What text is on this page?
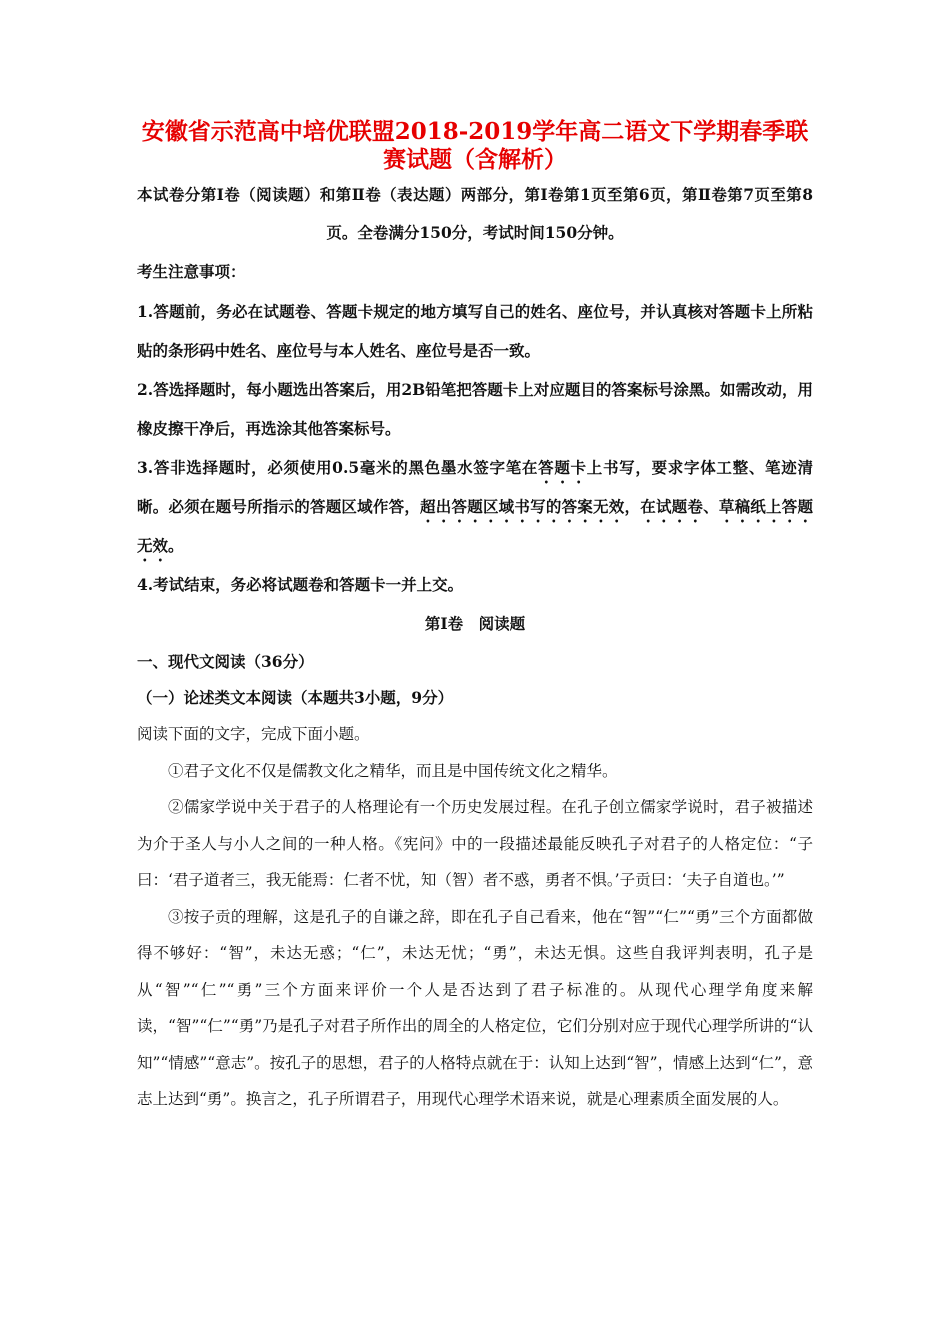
安徽省示范高中培优联盟2018-2019学年高二语文下学期春季联赛试题（含解析）

本试卷分第Ⅰ卷（阅读题）和第Ⅱ卷（表达题）两部分，第Ⅰ卷第1页至第6页，第Ⅱ卷第7页至第8页。全卷满分150分，考试时间150分钟。

考生注意事项：

1.答题前，务必在试题卷、答题卡规定的地方填写自己的姓名、座位号，并认真核对答题卡上所粘贴的条形码中姓名、座位号与本人姓名、座位号是否一致。

2.答选择题时，每小题选出答案后，用2B铅笔把答题卡上对应题目的答案标号涂黑。如需改动，用橡皮擦干净后，再选涂其他答案标号。

3.答非选择题时，必须使用0.5毫米的黑色墨水签字笔在答题卡上书写，要求字体工整、笔迹清晰。必须在题号所指示的答题区域作答，超出答题区域书写的答案无效，在试题卷、草稿纸上答题无效。

4.考试结束，务必将试题卷和答题卡一并上交。

第Ⅰ卷　阅读题

一、现代文阅读（36分）

（一）论述类文本阅读（本题共3小题，9分）

阅读下面的文字，完成下面小题。

①君子文化不仅是儒教文化之精华，而且是中国传统文化之精华。

②儒家学说中关于君子的人格理论有一个历史发展过程。在孔子创立儒家学说时，君子被描述为介于圣人与小人之间的一种人格。《宪问》中的一段描述最能反映孔子对君子的人格定位：“子曰：‘君子道者三，我无能焉：仁者不忧，知（智）者不惑，勇者不惧。’子贡曰：‘夫子自道也。’”

③按子贡的理解，这是孔子的自谦之辞，即在孔子自己看来，他在“智”“仁”“勇”三个方面都做得不够好：“智”，未达无惑；“仁”，未达无忧；“勇”，未达无惧。这些自我评判表明，孔子是从“智”“仁”“勇”三个方面来评价一个人是否达到了君子标准的。从现代心理学角度来解读，“智”“仁”“勇”乃是孔子对君子所作出的周全的人格定位，它们分别对应于现代心理学所讲的“认知”“情感”“意志”。按孔子的思想，君子的人格特点就在于：认知上达到“智”，情感上达到“仁”，意志上达到“勇”。换言之，孔子所谓君子，用现代心理学术语来说，就是心理素质全面发展的人。
